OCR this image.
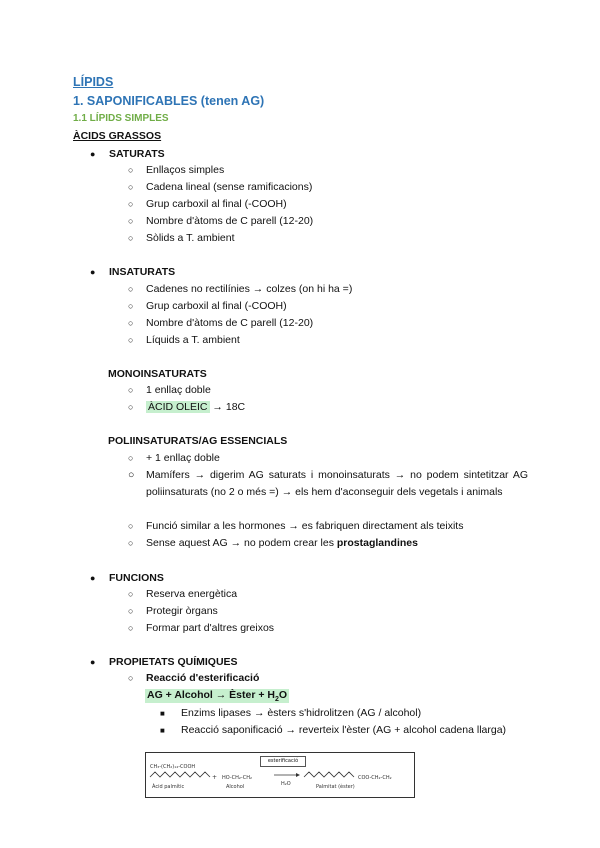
LÍPIDS
1. SAPONIFICABLES (tenen AG)
1.1 LÍPIDS SIMPLES
ÀCIDS GRASSOS
● SATURATS
○ Enllaços simples
○ Cadena lineal (sense ramificacions)
○ Grup carboxil al final (-COOH)
○ Nombre d'àtoms de C parell (12-20)
○ Sòlids a T. ambient
● INSATURATS
○ Cadenes no rectilínies → colzes (on hi ha =)
○ Grup carboxil al final (-COOH)
○ Nombre d'àtoms de C parell (12-20)
○ Líquids a T. ambient
MONOINSATURATS
○ 1 enllaç doble
○ ÀCID OLEIC → 18C
POLIINSATURATS/AG ESSENCIALS
○ + 1 enllaç doble
○ Mamífers → digerim AG saturats i monoinsaturats → no podem sintetitzar AG poliinsaturats (no 2 o més =) → els hem d'aconseguir dels vegetals i animals
○ Funció similar a les hormones → es fabriquen directament als teixits
○ Sense aquest AG → no podem crear les prostaglandines
● FUNCIONS
○ Reserva energètica
○ Protegir òrgans
○ Formar part d'altres greixos
● PROPIETATS QUÍMIQUES
○ Reacció d'esterificació
AG + Alcohol → Èster + $H_2O$
■ Enzims lipases → èsters s'hidrolitzen (AG / alcohol)
■ Reacció saponificació → reverteix l'èster (AG + alcohol cadena llarga)
esterificació
CH₃-(CH₂)₁₄-COOH
+ HO-CH₂-CH₂
H₂O
COO-CH₂-CH₂
Àcid palmític	Alcohol	Palmitat (èster)
